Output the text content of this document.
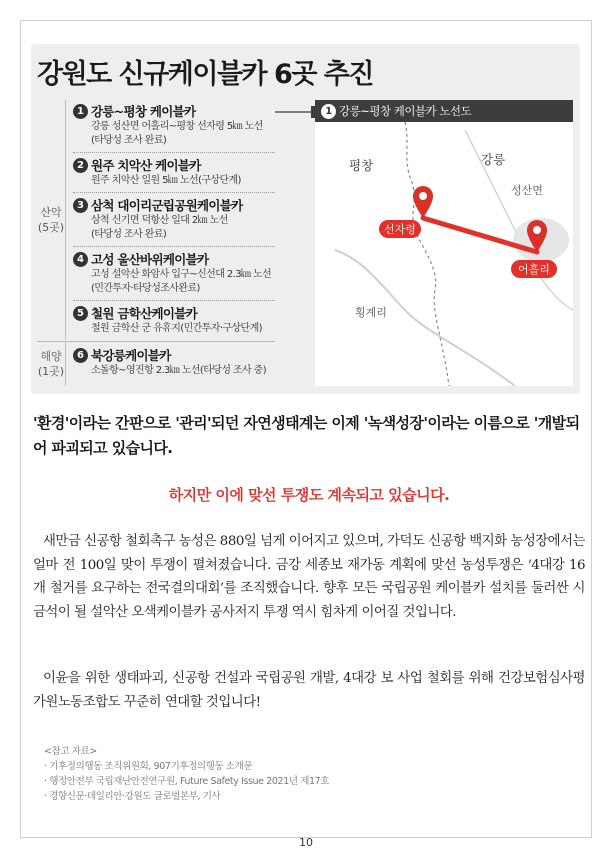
강원도 신규케이블카 6곳 추진
산악
(5곳)
해양
(1곳)
1 강릉~평창 케이블카
강릉 성산면 어흘리~평창 선자령 5㎞ 노선
(타당성 조사 완료)
2 원주 치악산 케이블카
원주 치악산 일원 5㎞ 노선(구상단계)
3 삼척 대이리군립공원케이블카
삼척 신기면 덕항산 일대 2㎞ 노선
(타당성 조사 완료)
4 고성 울산바위케이블카
고성 설악산 화암사 입구~신선대 2.3㎞ 노선
(민간투자·타당성조사완료)
5 철원 금학산케이블카
철원 금학산 군 유휴지(민간투자·구상단계)
6 북강릉케이블카
소돌항~영진항 2.3㎞ 노선(타당성 조사 중)
선자령
어흘리
평창	강릉
성산면
횡계리
1 강릉~평창 케이블카 노선도
'환경'이라는 간판으로 '관리'되던 자연생태계는 이제 '녹색성장'이라는 이름으로 '개발되어 파괴되고 있습니다.
하지만 이에 맞선 투쟁도 계속되고 있습니다.
새만금 신공항 철회촉구 농성은 880일 넘게 이어지고 있으며, 가덕도 신공항 백지화 농성장에서는 얼마 전 100일 맞이 투쟁이 펼쳐졌습니다. 금강 세종보 재가동 계획에 맞선 농성투쟁은 ‘4대강 16개 철거를 요구하는 전국결의대회’를 조직했습니다. 향후 모든 국립공원 케이블카 설치를 둘러싼 시금석이 될 설악산 오색케이블카 공사저지 투쟁 역시 힘차게 이어질 것입니다.
이윤을 위한 생태파괴, 신공항 건설과 국립공원 개발, 4대강 보 사업 철회를 위해 건강보험심사평가원노동조합도 꾸준히 연대할 것입니다!
<참고 자료>
· 기후정의행동 조직위원회, 907기후정의행동 소개문
· 행정안전부 국립재난안전연구원, Future Safety Issue 2021년 제17호
· 경향신문·데일리안·강원도 글로벌본부, 기사
10
